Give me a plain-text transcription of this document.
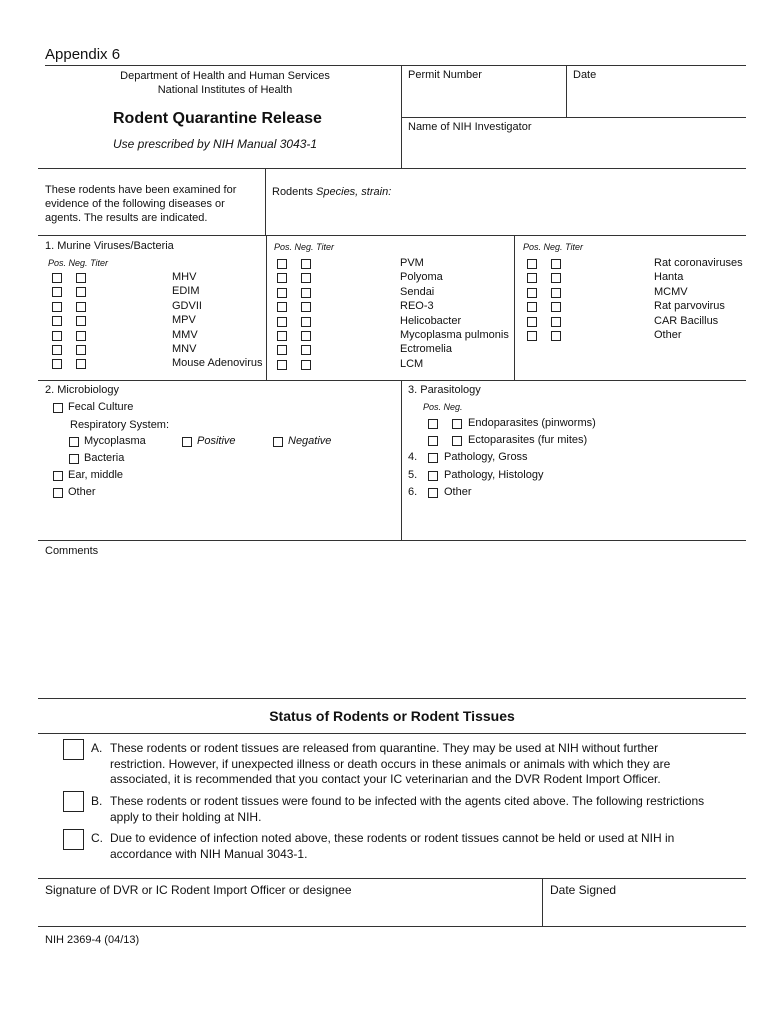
Appendix 6
Department of Health and Human Services
National Institutes of Health
Rodent Quarantine Release
Use prescribed by NIH Manual 3043-1
Permit Number	Date
Name of NIH Investigator
These rodents have been examined for
evidence of the following diseases or
agents. The results are indicated.
Rodents Species, strain:
1. Murine Viruses/Bacteria
Pos. Neg. Titer
Pos. Neg. Titer	Pos. Neg. Titer
MHV
EDIM
GDVII
MPV
MMV
MNV
Mouse Adenovirus
PVM
Polyoma
Sendai
REO-3
Helicobacter
Mycoplasma pulmonis
Ectromelia
LCM
Rat coronaviruses
Hanta
MCMV
Rat parvovirus
CAR Bacillus
Other
2. Microbiology
Fecal Culture
Respiratory System:
Mycoplasma	Positive	Negative
Bacteria
Ear, middle
Other
3. Parasitology
Pos. Neg.
Endoparasites (pinworms)
Ectoparasites (fur mites)
4. Pathology, Gross
5. Pathology, Histology
6. Other
Comments
Status of Rodents or Rodent Tissues
A. These rodents or rodent tissues are released from quarantine. They may be used at NIH without further
restriction. However, if unexpected illness or death occurs in these animals or animals with which they are
associated, it is recommended that you contact your IC veterinarian and the DVR Rodent Import Officer.
B. These rodents or rodent tissues were found to be infected with the agents cited above. The following restrictions
apply to their holding at NIH.
C. Due to evidence of infection noted above, these rodents or rodent tissues cannot be held or used at NIH in
accordance with NIH Manual 3043-1.
Signature of DVR or IC Rodent Import Officer or designee	Date Signed
NIH 2369-4 (04/13)
